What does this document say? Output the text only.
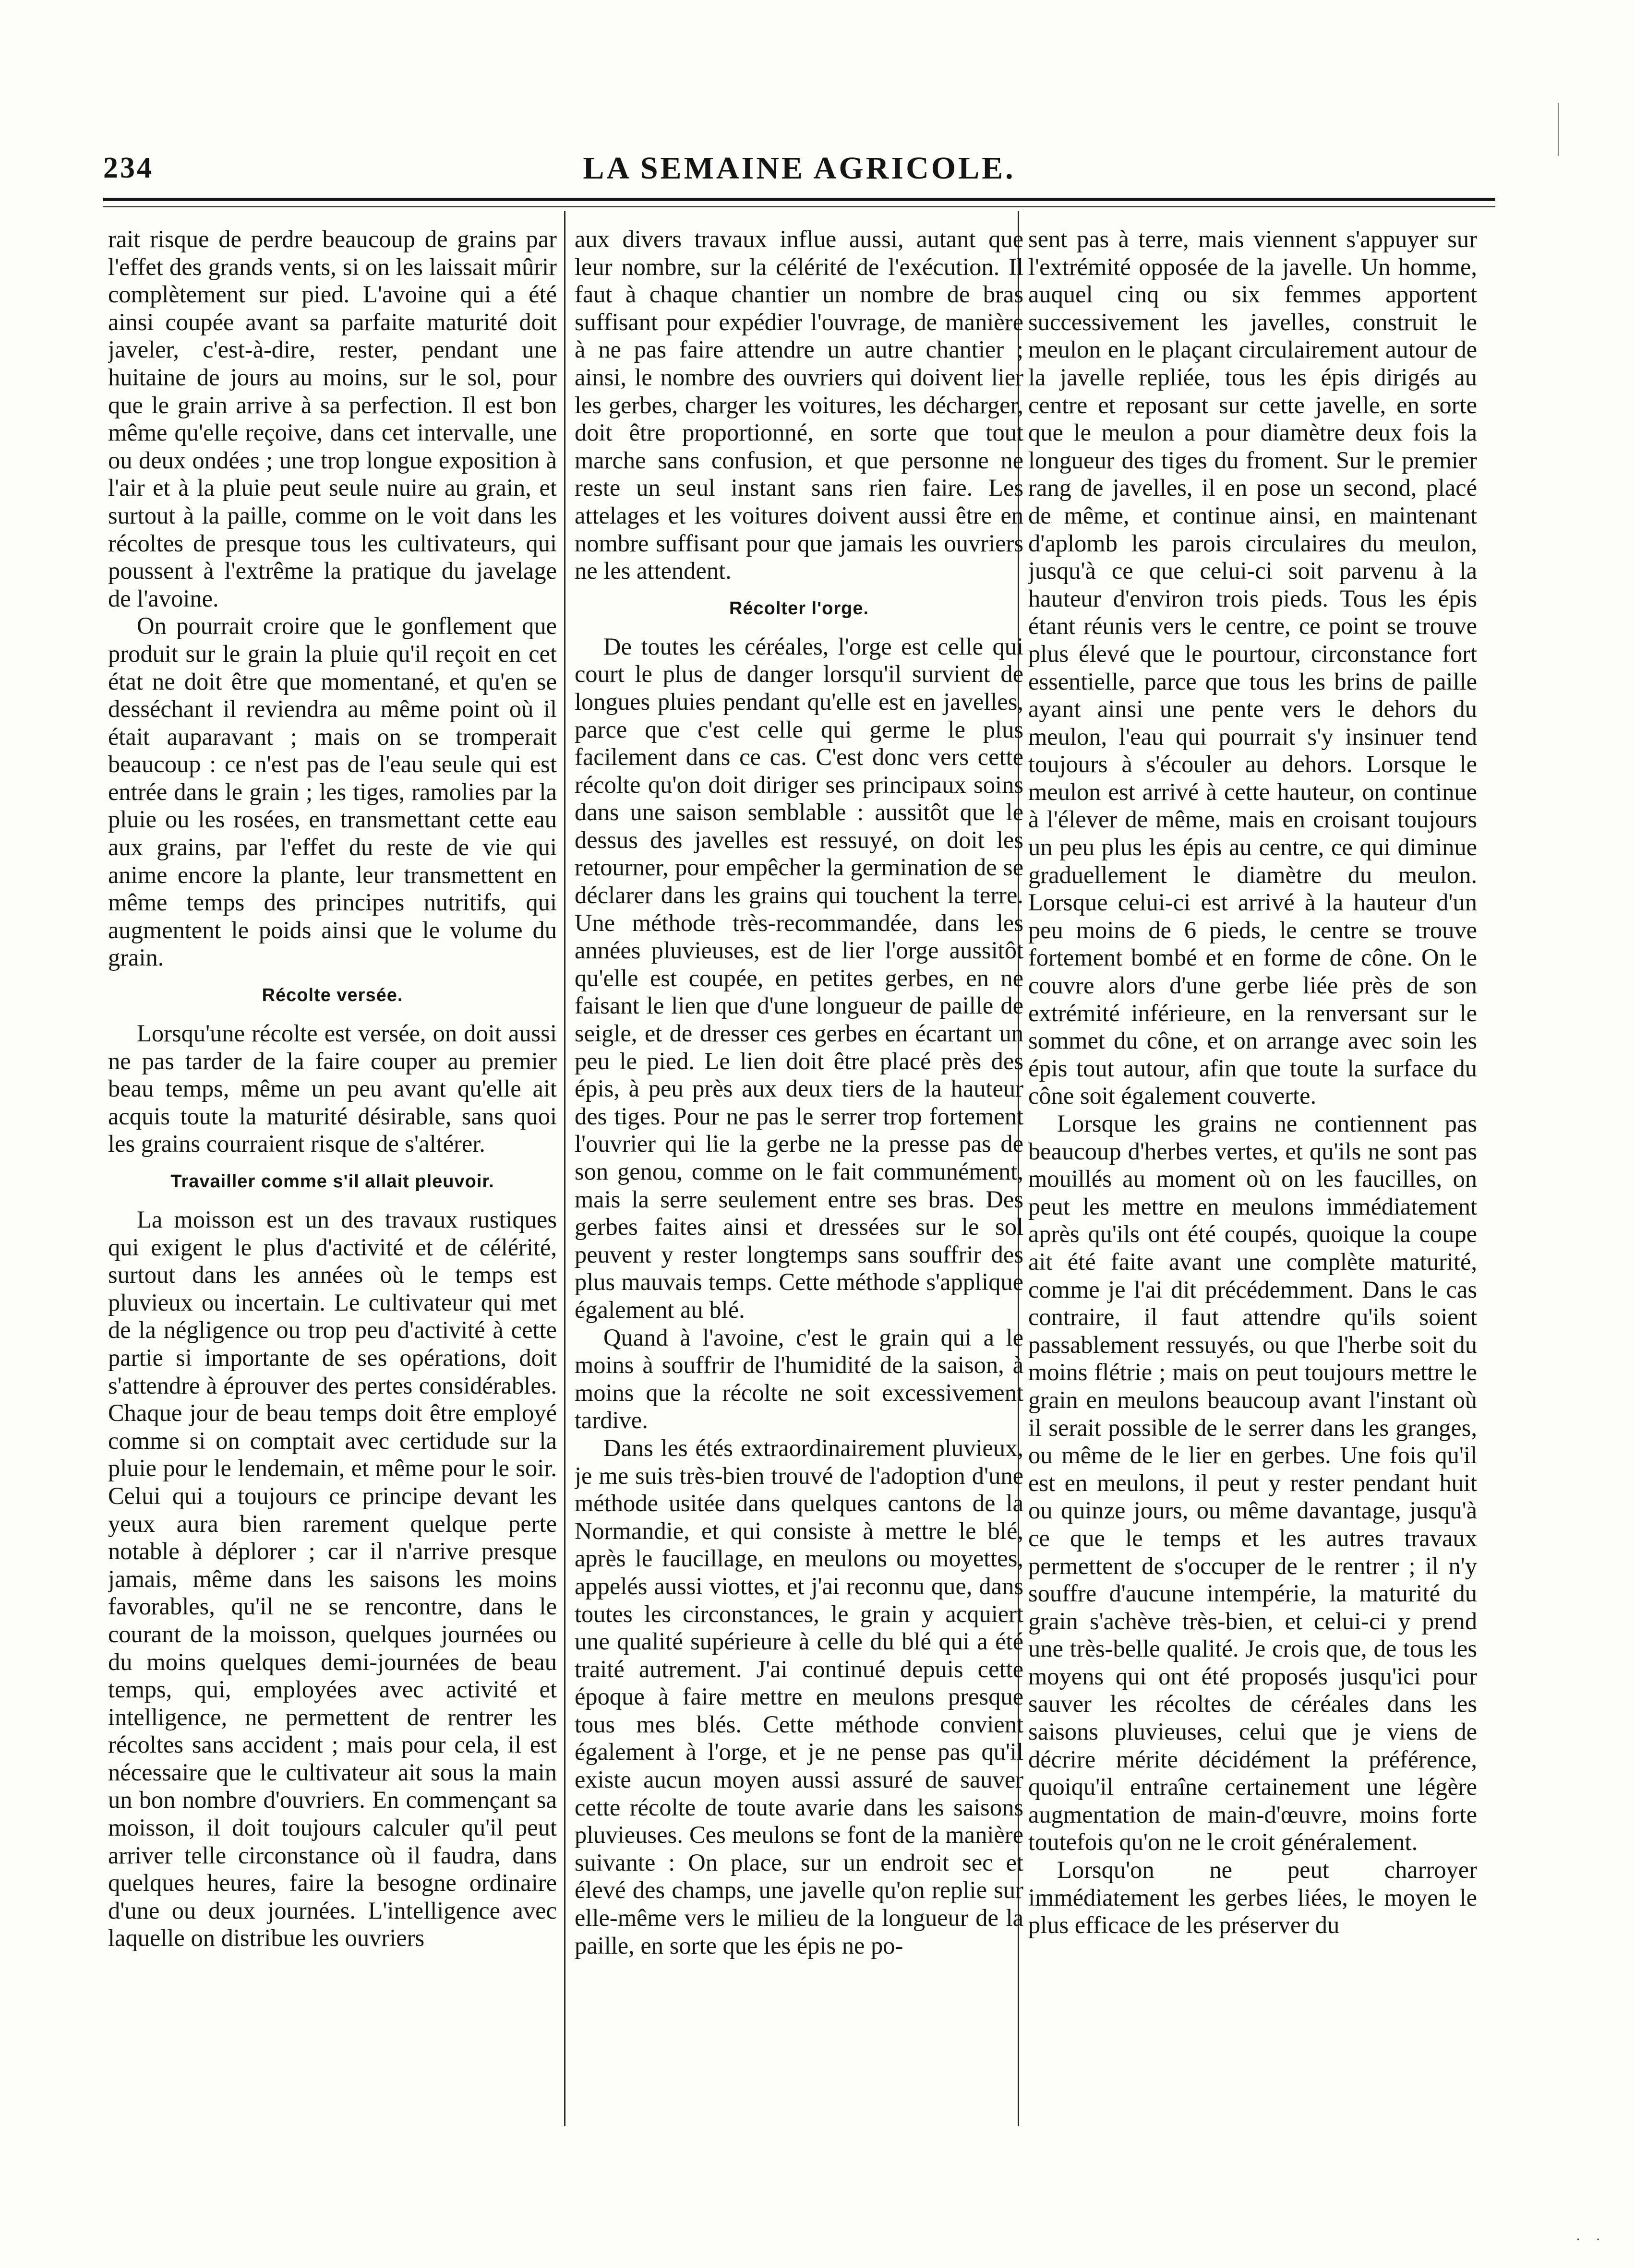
234	LA SEMAINE AGRICOLE.

rait risque de perdre beaucoup de grains par l'effet des grands vents, si on les laissait mûrir complètement sur pied. L'avoine qui a été ainsi coupée avant sa parfaite maturité doit javeler, c'est-à-dire, rester, pendant une huitaine de jours au moins, sur le sol, pour que le grain arrive à sa perfection. Il est bon même qu'elle reçoive, dans cet intervalle, une ou deux ondées ; une trop longue exposition à l'air et à la pluie peut seule nuire au grain, et surtout à la paille, comme on le voit dans les récoltes de presque tous les cultivateurs, qui poussent à l'extrême la pratique du javelage de l'avoine.

On pourrait croire que le gonflement que produit sur le grain la pluie qu'il reçoit en cet état ne doit être que momentané, et qu'en se desséchant il reviendra au même point où il était auparavant ; mais on se tromperait beaucoup : ce n'est pas de l'eau seule qui est entrée dans le grain ; les tiges, ramolies par la pluie ou les rosées, en transmettant cette eau aux grains, par l'effet du reste de vie qui anime encore la plante, leur transmettent en même temps des principes nutritifs, qui augmentent le poids ainsi que le volume du grain.

Récolte versée.

Lorsqu'une récolte est versée, on doit aussi ne pas tarder de la faire couper au premier beau temps, même un peu avant qu'elle ait acquis toute la maturité désirable, sans quoi les grains courraient risque de s'altérer.

Travailler comme s'il allait pleuvoir.

La moisson est un des travaux rustiques qui exigent le plus d'activité et de célérité, surtout dans les années où le temps est pluvieux ou incertain. Le cultivateur qui met de la négligence ou trop peu d'activité à cette partie si importante de ses opérations, doit s'attendre à éprouver des pertes considérables. Chaque jour de beau temps doit être employé comme si on comptait avec certidude sur la pluie pour le lendemain, et même pour le soir. Celui qui a toujours ce principe devant les yeux aura bien rarement quelque perte notable à déplorer ; car il n'arrive presque jamais, même dans les saisons les moins favorables, qu'il ne se rencontre, dans le courant de la moisson, quelques journées ou du moins quelques demi-journées de beau temps, qui, employées avec activité et intelligence, ne permettent de rentrer les récoltes sans accident ; mais pour cela, il est nécessaire que le cultivateur ait sous la main un bon nombre d'ouvriers. En commençant sa moisson, il doit toujours calculer qu'il peut arriver telle circonstance où il faudra, dans quelques heures, faire la besogne ordinaire d'une ou deux journées. L'intelligence avec laquelle on distribue les ouvriers

aux divers travaux influe aussi, autant que leur nombre, sur la célérité de l'exécution. Il faut à chaque chantier un nombre de bras suffisant pour expédier l'ouvrage, de manière à ne pas faire attendre un autre chantier ; ainsi, le nombre des ouvriers qui doivent lier les gerbes, charger les voitures, les décharger, doit être proportionné, en sorte que tout marche sans confusion, et que personne ne reste un seul instant sans rien faire. Les attelages et les voitures doivent aussi être en nombre suffisant pour que jamais les ouvriers ne les attendent.

Récolter l'orge.

De toutes les céréales, l'orge est celle qui court le plus de danger lorsqu'il survient de longues pluies pendant qu'elle est en javelles, parce que c'est celle qui germe le plus facilement dans ce cas. C'est donc vers cette récolte qu'on doit diriger ses principaux soins dans une saison semblable : aussitôt que le dessus des javelles est ressuyé, on doit les retourner, pour empêcher la germination de se déclarer dans les grains qui touchent la terre. Une méthode très-recommandée, dans les années pluvieuses, est de lier l'orge aussitôt qu'elle est coupée, en petites gerbes, en ne faisant le lien que d'une longueur de paille de seigle, et de dresser ces gerbes en écartant un peu le pied. Le lien doit être placé près des épis, à peu près aux deux tiers de la hauteur des tiges. Pour ne pas le serrer trop fortement l'ouvrier qui lie la gerbe ne la presse pas de son genou, comme on le fait communément, mais la serre seulement entre ses bras. Des gerbes faites ainsi et dressées sur le sol peuvent y rester longtemps sans souffrir des plus mauvais temps. Cette méthode s'applique également au blé.

Quand à l'avoine, c'est le grain qui a le moins à souffrir de l'humidité de la saison, à moins que la récolte ne soit excessivement tardive.

Dans les étés extraordinairement pluvieux, je me suis très-bien trouvé de l'adoption d'une méthode usitée dans quelques cantons de la Normandie, et qui consiste à mettre le blé, après le faucillage, en meulons ou moyettes, appelés aussi viottes, et j'ai reconnu que, dans toutes les circonstances, le grain y acquiert une qualité supérieure à celle du blé qui a été traité autrement. J'ai continué depuis cette époque à faire mettre en meulons presque tous mes blés. Cette méthode convient également à l'orge, et je ne pense pas qu'il existe aucun moyen aussi assuré de sauver cette récolte de toute avarie dans les saisons pluvieuses. Ces meulons se font de la manière suivante : On place, sur un endroit sec et élevé des champs, une javelle qu'on replie sur elle-même vers le milieu de la longueur de la paille, en sorte que les épis ne po-

sent pas à terre, mais viennent s'appuyer sur l'extrémité opposée de la javelle. Un homme, auquel cinq ou six femmes apportent successivement les javelles, construit le meulon en le plaçant circulairement autour de la javelle repliée, tous les épis dirigés au centre et reposant sur cette javelle, en sorte que le meulon a pour diamètre deux fois la longueur des tiges du froment. Sur le premier rang de javelles, il en pose un second, placé de même, et continue ainsi, en maintenant d'aplomb les parois circulaires du meulon, jusqu'à ce que celui-ci soit parvenu à la hauteur d'environ trois pieds. Tous les épis étant réunis vers le centre, ce point se trouve plus élevé que le pourtour, circonstance fort essentielle, parce que tous les brins de paille ayant ainsi une pente vers le dehors du meulon, l'eau qui pourrait s'y insinuer tend toujours à s'écouler au dehors. Lorsque le meulon est arrivé à cette hauteur, on continue à l'élever de même, mais en croisant toujours un peu plus les épis au centre, ce qui diminue graduellement le diamètre du meulon. Lorsque celui-ci est arrivé à la hauteur d'un peu moins de 6 pieds, le centre se trouve fortement bombé et en forme de cône. On le couvre alors d'une gerbe liée près de son extrémité inférieure, en la renversant sur le sommet du cône, et on arrange avec soin les épis tout autour, afin que toute la surface du cône soit également couverte.

Lorsque les grains ne contiennent pas beaucoup d'herbes vertes, et qu'ils ne sont pas mouillés au moment où on les faucilles, on peut les mettre en meulons immédiatement après qu'ils ont été coupés, quoique la coupe ait été faite avant une complète maturité, comme je l'ai dit précédemment. Dans le cas contraire, il faut attendre qu'ils soient passablement ressuyés, ou que l'herbe soit du moins flétrie ; mais on peut toujours mettre le grain en meulons beaucoup avant l'instant où il serait possible de le serrer dans les granges, ou même de le lier en gerbes. Une fois qu'il est en meulons, il peut y rester pendant huit ou quinze jours, ou même davantage, jusqu'à ce que le temps et les autres travaux permettent de s'occuper de le rentrer ; il n'y souffre d'aucune intempérie, la maturité du grain s'achève très-bien, et celui-ci y prend une très-belle qualité. Je crois que, de tous les moyens qui ont été proposés jusqu'ici pour sauver les récoltes de céréales dans les saisons pluvieuses, celui que je viens de décrire mérite décidément la préférence, quoiqu'il entraîne certainement une légère augmentation de main-d'œuvre, moins forte toutefois qu'on ne le croit généralement.

Lorsqu'on ne peut charroyer immédiatement les gerbes liées, le moyen le plus efficace de les préserver du

· ·
